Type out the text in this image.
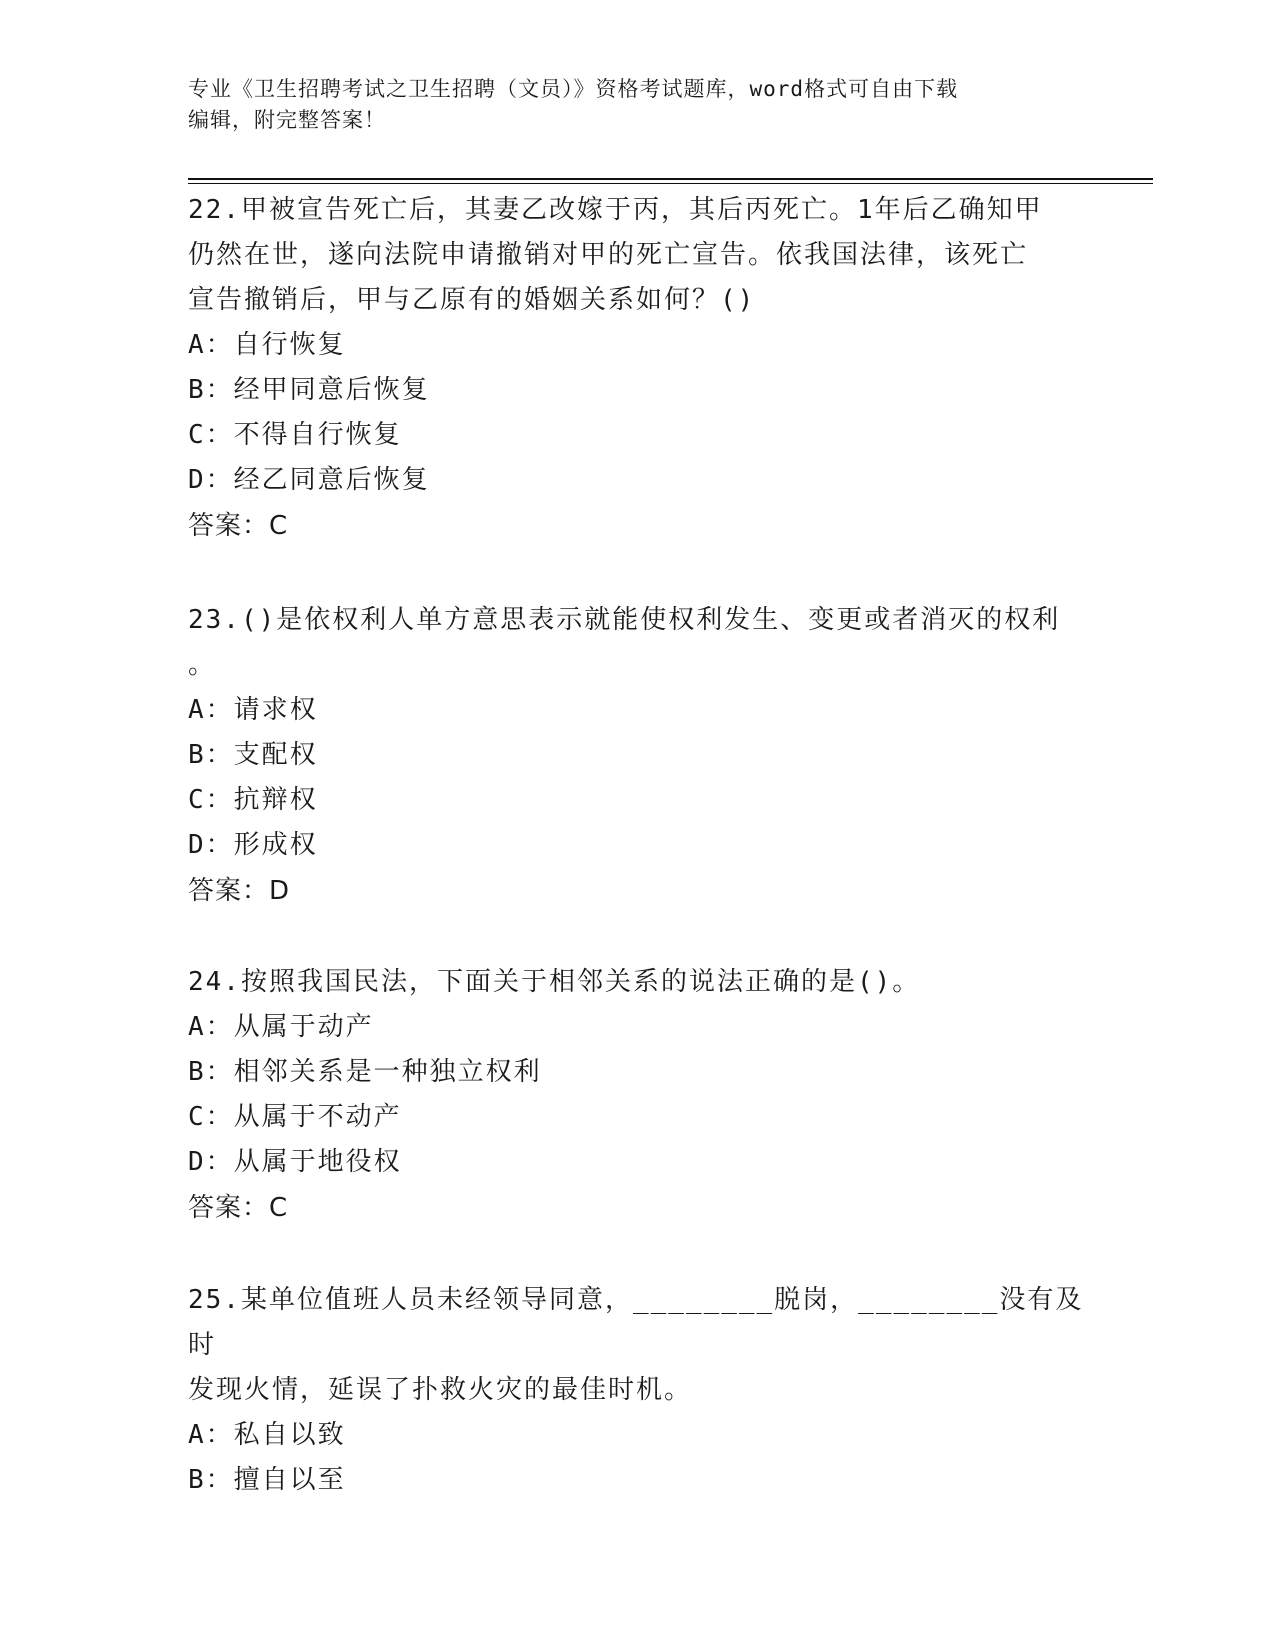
专业《卫生招聘考试之卫生招聘（文员）》资格考试题库，word格式可自由下载
编辑，附完整答案！

22.甲被宣告死亡后，其妻乙改嫁于丙，其后丙死亡。1年后乙确知甲

仍然在世，遂向法院申请撤销对甲的死亡宣告。依我国法律，该死亡

宣告撤销后，甲与乙原有的婚姻关系如何？()

A：自行恢复

B：经甲同意后恢复

C：不得自行恢复

D：经乙同意后恢复

答案：C

23.()是依权利人单方意思表示就能使权利发生、变更或者消灭的权利

。

A：请求权

B：支配权

C：抗辩权

D：形成权

答案：D

24.按照我国民法，下面关于相邻关系的说法正确的是()。

A：从属于动产

B：相邻关系是一种独立权利

C：从属于不动产

D：从属于地役权

答案：C

25.某单位值班人员未经领导同意，________脱岗，________没有及时

发现火情，延误了扑救火灾的最佳时机。

A：私自以致

B：擅自以至
